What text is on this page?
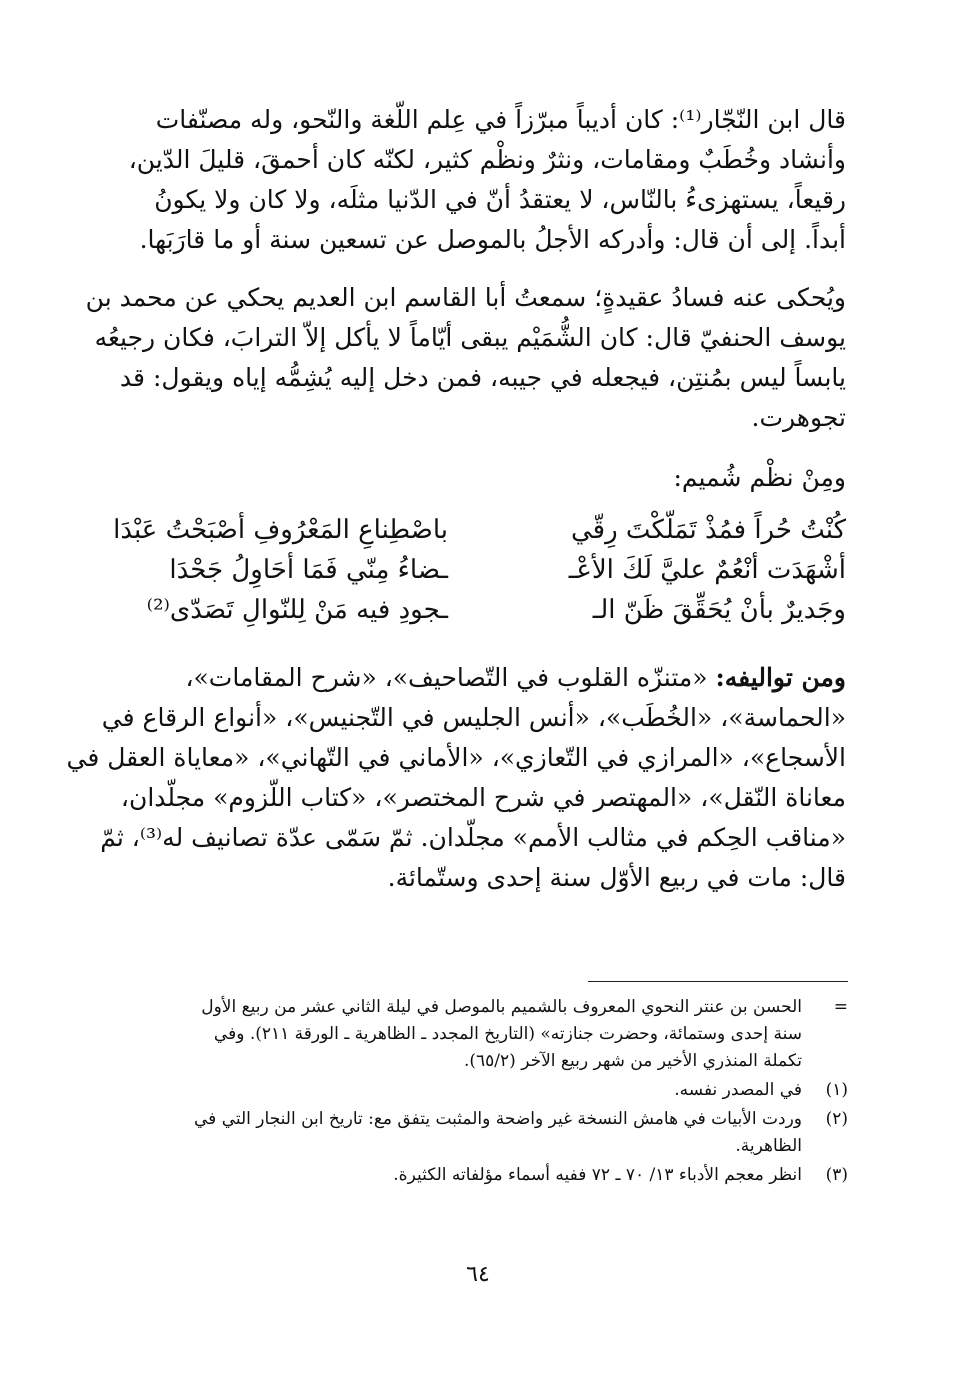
قال ابن النّجّار⁽¹⁾: كان أديباً مبرّزاً في عِلم اللّغة والنّحو، وله مصنّفات
وأنشاد وخُطَبٌ ومقامات، ونثرٌ ونظْم كثير، لكنّه كان أحمقَ، قليلَ الدّين،
رقيعاً، يستهزىءُ بالنّاس، لا يعتقدُ أنّ في الدّنيا مثلَه، ولا كان ولا يكونُ
أبداً. إلى أن قال: وأدركه الأجلُ بالموصل عن تسعين سنة أو ما قارَبَها.
ويُحكى عنه فسادُ عقيدةٍ؛ سمعتُ أبا القاسم ابن العديم يحكي عن محمد بن
يوسف الحنفيّ قال: كان الشُّمَيْم يبقى أيّاماً لا يأكل إلاّ الترابَ، فكان رجيعُه
يابساً ليس بمُنتِن، فيجعله في جيبه، فمن دخل إليه يُشِمُّه إياه ويقول: قد
تجوهرت.
ومِنْ نظْم شُميم:
كُنْتُ حُراً فمُذْ تَمَلّكْتَ رِقّي
باصْطِناعِ المَعْرُوفِ أصْبَحْتُ عَبْدَا
أشْهَدَت أنْعُمٌ عليَّ لَكَ الأعْـ
ـضاءُ مِنّي فَمَا أحَاوِلُ جَحْدَا
وجَديرٌ بأنْ يُحَقِّقَ ظَنّ الـ
ـجودِ فيه مَنْ لِلنّوالِ تَصَدّى⁽²⁾
ومن تواليفه: «متنزّه القلوب في التّصاحيف»، «شرح المقامات»،
«الحماسة»، «الخُطَب»، «أنس الجليس في التّجنيس»، «أنواع الرقاع في
الأسجاع»، «المرازي في التّعازي»، «الأماني في التّهاني»، «معاياة العقل في
معاناة النّقل»، «المهتصر في شرح المختصر»، «كتاب اللّزوم» مجلّدان،
«مناقب الحِكم في مثالب الأمم» مجلّدان. ثمّ سَمّى عدّة تصانيف له⁽³⁾، ثمّ
قال: مات في ربيع الأوّل سنة إحدى وستّمائة.
=
الحسن بن عنتر النحوي المعروف بالشميم بالموصل في ليلة الثاني عشر من ربيع الأول
سنة إحدى وستمائة، وحضرت جنازته» (التاريخ المجدد ـ الظاهرية ـ الورقة ٢١١). وفي
تكملة المنذري الأخير من شهر ربيع الآخر (٦٥/٢).
(١)
في المصدر نفسه.
(٢)
وردت الأبيات في هامش النسخة غير واضحة والمثبت يتفق مع: تاريخ ابن النجار التي في
الظاهرية.
(٣)
انظر معجم الأدباء ١٣/ ٧٠ ـ ٧٢ ففيه أسماء مؤلفاته الكثيرة.
٦٤
